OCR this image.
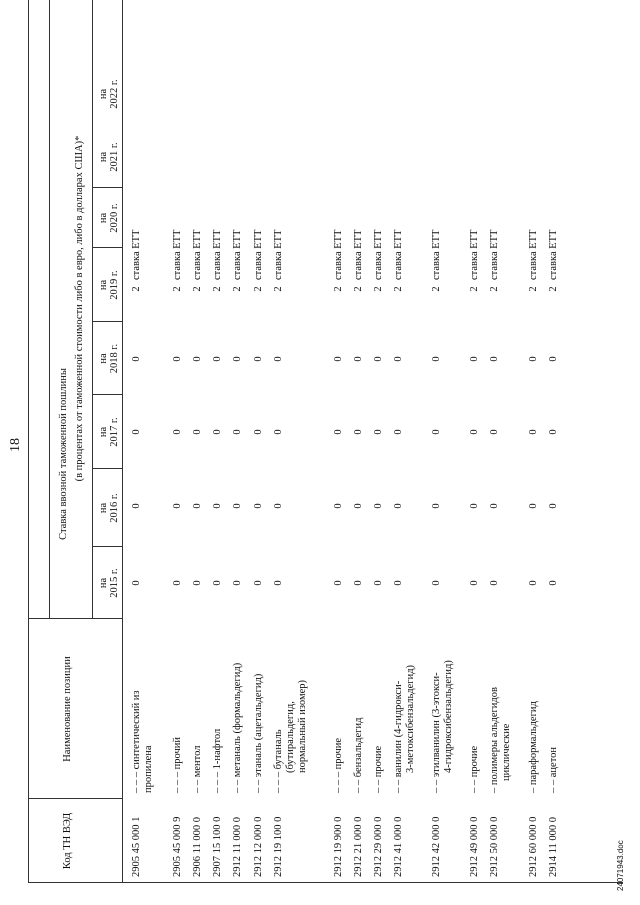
18
Код ТН ВЭД
Наименование позиции
Ставка ввозной таможенной пошлины (в процентах от таможенной стоимости либо в евро, либо в долларах США)*
на 2015 г.
на 2016 г.
на 2017 г.
на 2018 г.
на 2019 г.
на 2020 г.
на 2021 г.
на 2022 г.
2905 45 000 1
– – – синтетический из пропилена
0
0
0
0
2
ставка ЕТТ
2905 45 000 9
– – – прочий
0
0
0
0
2
ставка ЕТТ
2906 11 000 0
– – ментол
0
0
0
0
2
ставка ЕТТ
2907 15 100 0
– – – 1-нафтол
0
0
0
0
2
ставка ЕТТ
2912 11 000 0
– – метаналь (формальдегид)
0
0
0
0
2
ставка ЕТТ
2912 12 000 0
– – этаналь (ацетальдегид)
0
0
0
0
2
ставка ЕТТ
2912 19 100 0
– – – бутаналь (бутиральдегид, нормальный изомер)
0
0
0
0
2
ставка ЕТТ
2912 19 900 0
– – – прочие
0
0
0
0
2
ставка ЕТТ
2912 21 000 0
– – бензальдегид
0
0
0
0
2
ставка ЕТТ
2912 29 000 0
– – прочие
0
0
0
0
2
ставка ЕТТ
2912 41 000 0
– – ванилин (4-гидрокси- 3-метоксибензальдегид)
0
0
0
0
2
ставка ЕТТ
2912 42 000 0
– – этилванилин (3-этокси- 4-гидроксибензальдегид)
0
0
0
0
2
ставка ЕТТ
2912 49 000 0
– – прочие
0
0
0
0
2
ставка ЕТТ
2912 50 000 0
– полимеры альдегидов циклические
0
0
0
0
2
ставка ЕТТ
2912 60 000 0
– параформальдегид
0
0
0
0
2
ставка ЕТТ
2914 11 000 0
– – ацетон
0
0
0
0
2
ставка ЕТТ
24071943.doc
